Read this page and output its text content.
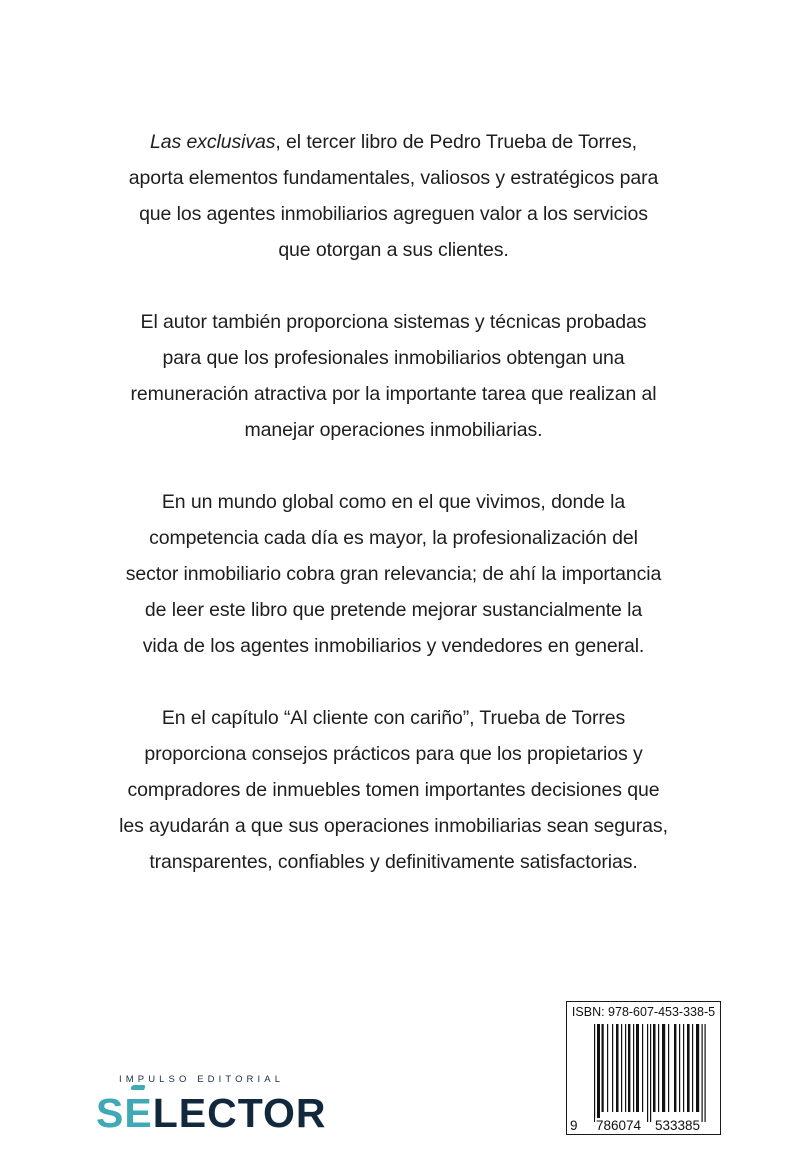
Las exclusivas, el tercer libro de Pedro Trueba de Torres,
aporta elementos fundamentales, valiosos y estratégicos para
que los agentes inmobiliarios agreguen valor a los servicios
que otorgan a sus clientes.

El autor también proporciona sistemas y técnicas probadas
para que los profesionales inmobiliarios obtengan una
remuneración atractiva por la importante tarea que realizan al
manejar operaciones inmobiliarias.

En un mundo global como en el que vivimos, donde la
competencia cada día es mayor, la profesionalización del
sector inmobiliario cobra gran relevancia; de ahí la importancia
de leer este libro que pretende mejorar sustancialmente la
vida de los agentes inmobiliarios y vendedores en general.

En el capítulo “Al cliente con cariño”, Trueba de Torres
proporciona consejos prácticos para que los propietarios y
compradores de inmuebles tomen importantes decisiones que
les ayudarán a que sus operaciones inmobiliarias sean seguras,
transparentes, confiables y definitivamente satisfactorias.

IMPULSO EDITORIAL
SELECTOR
ISBN: 978-607-453-338-5
9 786074 533385
